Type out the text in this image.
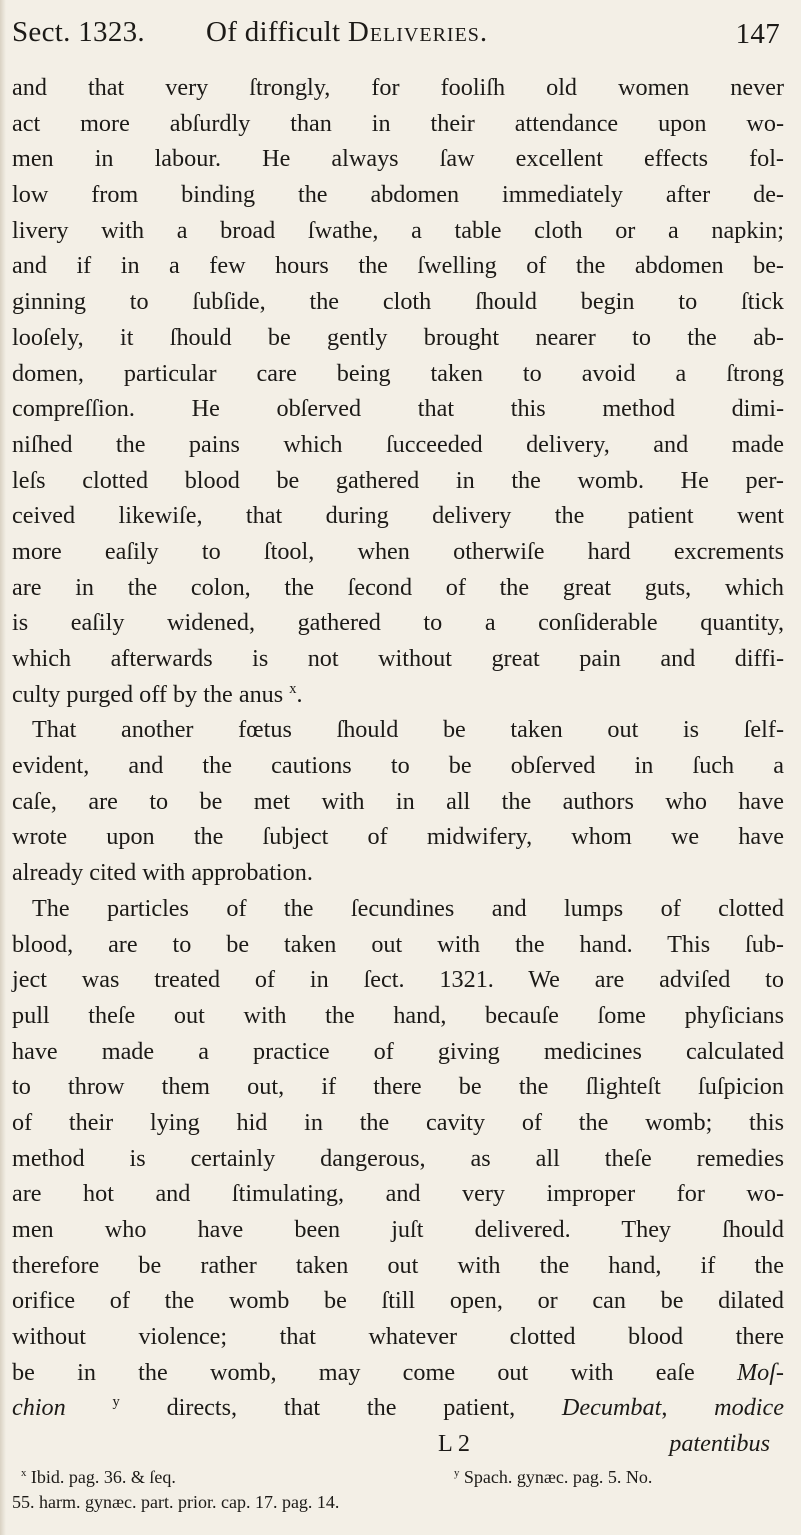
Sect. 1323. Of difficult Deliveries.	147
and that very ſtrongly, for fooliſh old women never
act more abſurdly than in their attendance upon wo-
men in labour. He always ſaw excellent effects fol-
low from binding the abdomen immediately after de-
livery with a broad ſwathe, a table cloth or a napkin;
and if in a few hours the ſwelling of the abdomen be-
ginning to ſubſide, the cloth ſhould begin to ſtick
looſely, it ſhould be gently brought nearer to the ab-
domen, particular care being taken to avoid a ſtrong
compreſſion. He obſerved that this method dimi-
niſhed the pains which ſucceeded delivery, and made
leſs clotted blood be gathered in the womb. He per-
ceived likewiſe, that during delivery the patient went
more eaſily to ſtool, when otherwiſe hard excrements
are in the colon, the ſecond of the great guts, which
is eaſily widened, gathered to a conſiderable quantity,
which afterwards is not without great pain and diffi-
culty purged off by the anus $^x$.
That another fœtus ſhould be taken out is ſelf-
evident, and the cautions to be obſerved in ſuch a
caſe, are to be met with in all the authors who have
wrote upon the ſubject of midwifery, whom we have
already cited with approbation.
The particles of the ſecundines and lumps of clotted
blood, are to be taken out with the hand. This ſub-
ject was treated of in ſect. 1321. We are adviſed to
pull theſe out with the hand, becauſe ſome phyſicians
have made a practice of giving medicines calculated
to throw them out, if there be the ſlighteſt ſuſpicion
of their lying hid in the cavity of the womb; this
method is certainly dangerous, as all theſe remedies
are hot and ſtimulating, and very improper for wo-
men who have been juſt delivered. They ſhould
therefore be rather taken out with the hand, if the
orifice of the womb be ſtill open, or can be dilated
without violence; that whatever clotted blood there
be in the womb, may come out with eaſe Moſ-
chion	$^y$ directs, that the patient, Decumbat, modice
L 2	patentibus
$^x$ Ibid. pag. 36. & ſeq.	$^y$ Spach. gynæc. pag. 5. No.
55. harm. gynæc. part. prior. cap. 17. pag. 14.
